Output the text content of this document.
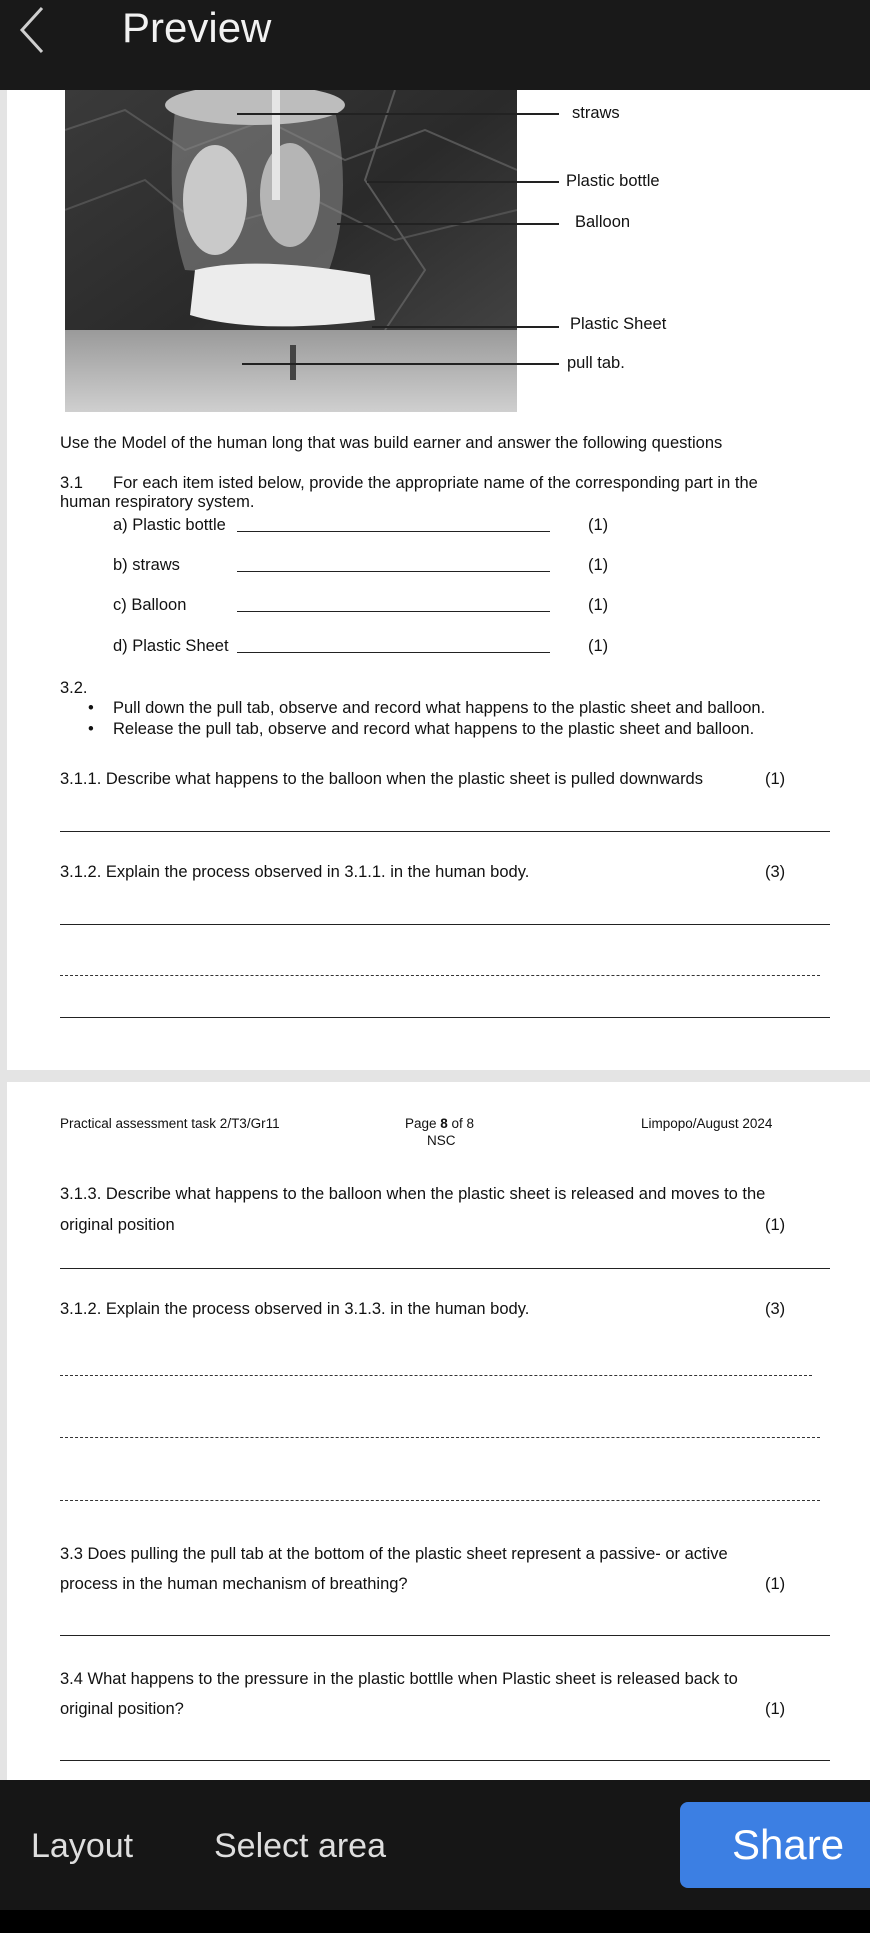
Preview
straws
Plastic bottle
Balloon
Plastic Sheet
pull tab.
Use the Model of the human long that was build earner and answer the following questions
3.1 For each item isted below, provide the appropriate name of the corresponding part in the
human respiratory system.
a) Plastic bottle	(1)
b) straws	(1)
c) Balloon	(1)
d) Plastic Sheet	(1)
3.2.
• Pull down the pull tab, observe and record what happens to the plastic sheet and balloon.
• Release the pull tab, observe and record what happens to the plastic sheet and balloon.
3.1.1. Describe what happens to the balloon when the plastic sheet is pulled downwards	(1)
3.1.2. Explain the process observed in 3.1.1. in the human body.	(3)
Practical assessment task 2/T3/Gr11	Page 8 of 8
NSC
Limpopo/August 2024
3.1.3. Describe what happens to the balloon when the plastic sheet is released and moves to the
original position	(1)
3.1.2. Explain the process observed in 3.1.3. in the human body.	(3)
3.3 Does pulling the pull tab at the bottom of the plastic sheet represent a passive- or active
process in the human mechanism of breathing?	(1)
3.4 What happens to the pressure in the plastic bottlle when Plastic sheet is released back to
original position?	(1)
Layout Select area	Share
